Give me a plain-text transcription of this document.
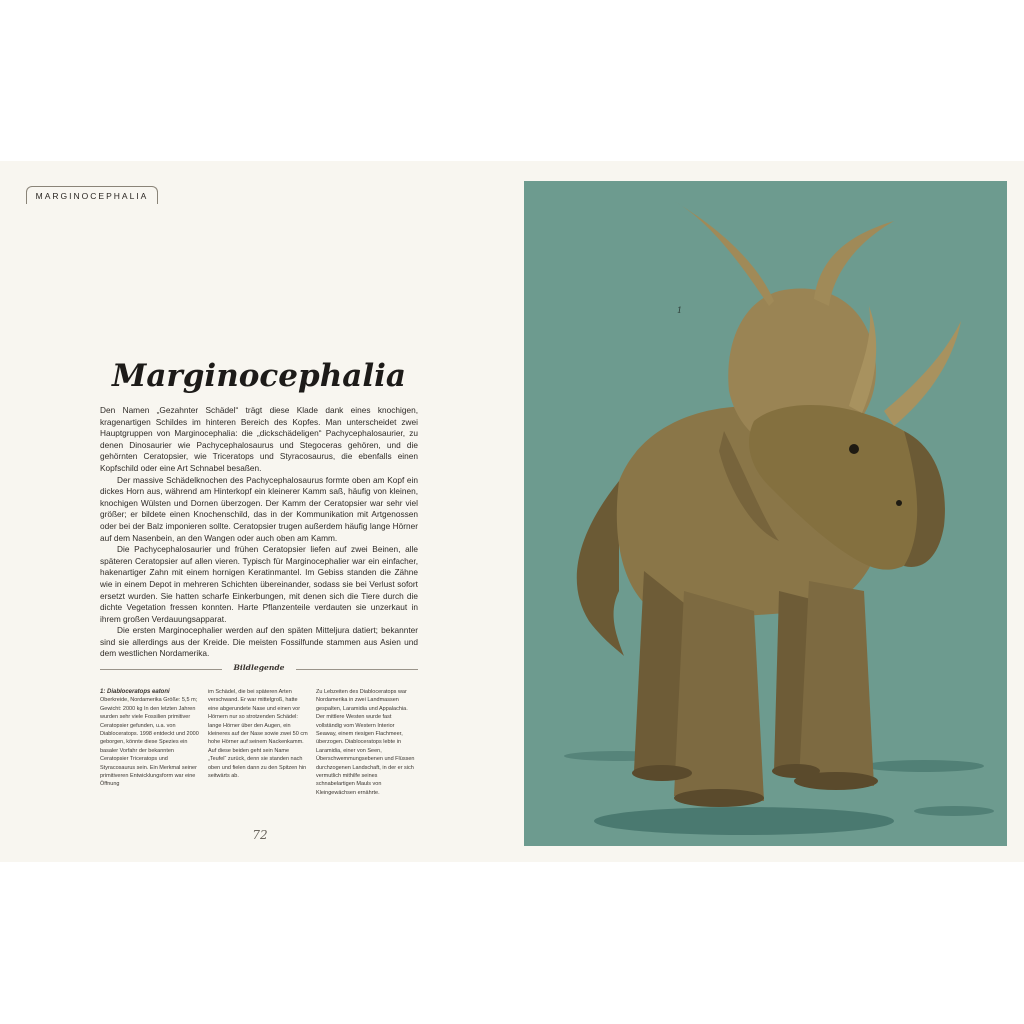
MARGINOCEPHALIA
Marginocephalia

Den Namen „Gezahnter Schädel“ trägt diese Klade dank eines knochigen, kragenartigen Schildes im hinteren Bereich des Kopfes. Man unterscheidet zwei Hauptgruppen von Marginocephalia: die „dickschädeligen“ Pachycephalosaurier, zu denen Dinosaurier wie Pachycephalosaurus und Stegoceras gehören, und die gehörnten Ceratopsier, wie Triceratops und Styracosaurus, die ebenfalls einen Kopfschild oder eine Art Schnabel besaßen.

Der massive Schädelknochen des Pachycephalosaurus formte oben am Kopf ein dickes Horn aus, während am Hinterkopf ein kleinerer Kamm saß, häufig von kleinen, knochigen Wülsten und Dornen überzogen. Der Kamm der Ceratopsier war sehr viel größer; er bildete einen Knochenschild, das in der Kommunikation mit Artgenossen oder bei der Balz imponieren sollte. Ceratopsier trugen außerdem häufig lange Hörner auf dem Nasenbein, an den Wangen oder auch oben am Kamm.

Die Pachycephalosaurier und frühen Ceratopsier liefen auf zwei Beinen, alle späteren Ceratopsier auf allen vieren. Typisch für Marginocephalier war ein einfacher, hakenartiger Zahn mit einem hornigen Keratinmantel. Im Gebiss standen die Zähne wie in einem Depot in mehreren Schichten übereinander, sodass sie bei Verlust sofort ersetzt wurden. Sie hatten scharfe Einkerbungen, mit denen sich die Tiere durch die dichte Vegetation fressen konnten. Harte Pflanzenteile verdauten sie unzerkaut in ihrem großen Verdauungsapparat.

Die ersten Marginocephalier werden auf den späten Mitteljura datiert; bekannter sind sie allerdings aus der Kreide. Die meisten Fossilfunde stammen aus Asien und dem westlichen Nordamerika.

Bildlegende
1: Diabloceratops eatoni
Oberkreide, Nordamerika Größe: 5,5 m; Gewicht: 2000 kg In den letzten Jahren wurden sehr viele Fossilien primitiver Ceratopsier gefunden, u.a. von Diabloceratops. 1998 entdeckt und 2000 geborgen, könnte diese Spezies ein basaler Vorfahr der bekannten Ceratopsier Triceratops und Styracosaurus sein. Ein Merkmal seiner primitiveren Entwicklungsform war eine Öffnung
im Schädel, die bei späteren Arten verschwand. Er war mittelgroß, hatte eine abgerundete Nase und einen vor Hörnern nur so strotzenden Schädel: lange Hörner über den Augen, ein kleineres auf der Nase sowie zwei 50 cm hohe Hörner auf seinem Nackenkamm. Auf diese beiden geht sein Name „Teufel“ zurück, denn sie standen nach oben und fielen dann zu den Spitzen hin seitwärts ab.
Zu Lebzeiten des Diabloceratops war Nordamerika in zwei Landmassen gespalten, Laramidia und Appalachia. Der mittlere Westen wurde fast vollständig vom Western Interior Seaway, einem riesigen Flachmeer, überzogen. Diabloceratops lebte in Laramidia, einer von Seen, Überschwemmungsebenen und Flüssen durchzogenen Landschaft, in der er sich vermutlich mithilfe seines schnabelartigen Mauls von Kleingewächsen ernährte.
72
1
